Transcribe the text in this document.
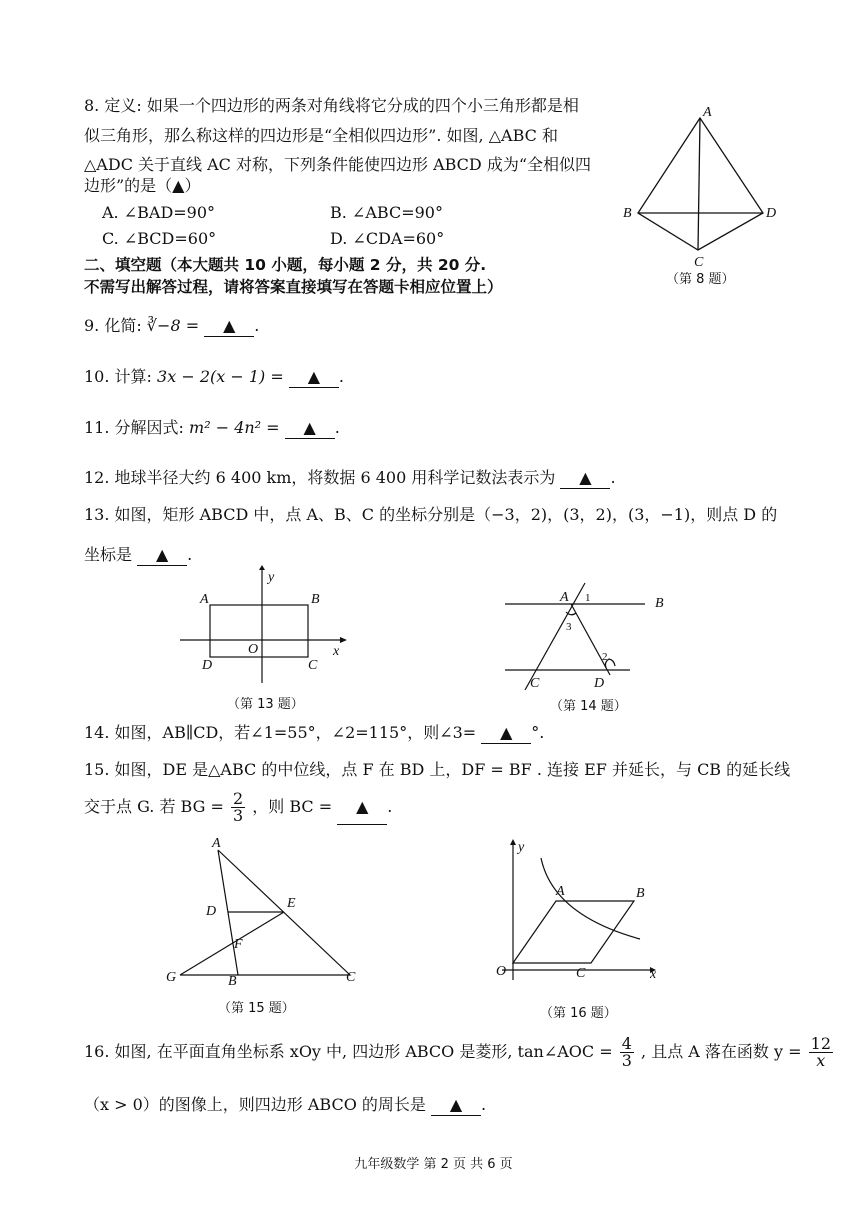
8. 定义: 如果一个四边形的两条对角线将它分成的四个小三角形都是相
似三角形，那么称这样的四边形是“全相似四边形”. 如图, △ABC 和
△ADC 关于直线 AC 对称，下列条件能使四边形 ABCD 成为“全相似四
边形”的是（▲）
A. ∠BAD=90°	B. ∠ABC=90°
C. ∠BCD=60°	D. ∠CDA=60°
A
B
C
D
（第 8 题）
二、填空题（本大题共 10 小题，每小题 2 分，共 20 分.
不需写出解答过程，请将答案直接填写在答题卡相应位置上）
9. 化简: ∛−8 = ▲ .
10. 计算: 3x − 2(x − 1) = ▲ .
11. 分解因式: m² − 4n² = ▲ .
12. 地球半径大约 6 400 km，将数据 6 400 用科学记数法表示为 ▲ .
13. 如图，矩形 ABCD 中，点 A、B、C 的坐标分别是（−3，2)，(3，2)，(3，−1)，则点 D 的
坐标是 ▲ .
y
A	B
O	x
D	C
（第 13 题）
A 1	B
3
2
C	D
（第 14 题）
14. 如图，AB∥CD，若∠1=55°，∠2=115°，则∠3= ▲ °.
15. 如图，DE 是△ABC 的中位线，点 F 在 BD 上，DF = BF . 连接 EF 并延长，与 CB 的延长线
交于点 G. 若 BG = $\frac{2}{3}$ ，则 BC = ▲ .
A
D
E
F
G	B	C
（第 15 题）
y
A	B
O	C	x
（第 16 题）
16. 如图, 在平面直角坐标系 xOy 中, 四边形 ABCO 是菱形, tan∠AOC = $\frac{4}{3}$ , 且点 A 落在函数 $y = \frac{12}{x}$
（x > 0）的图像上，则四边形 ABCO 的周长是 ▲ .
九年级数学 第 2 页 共 6 页
